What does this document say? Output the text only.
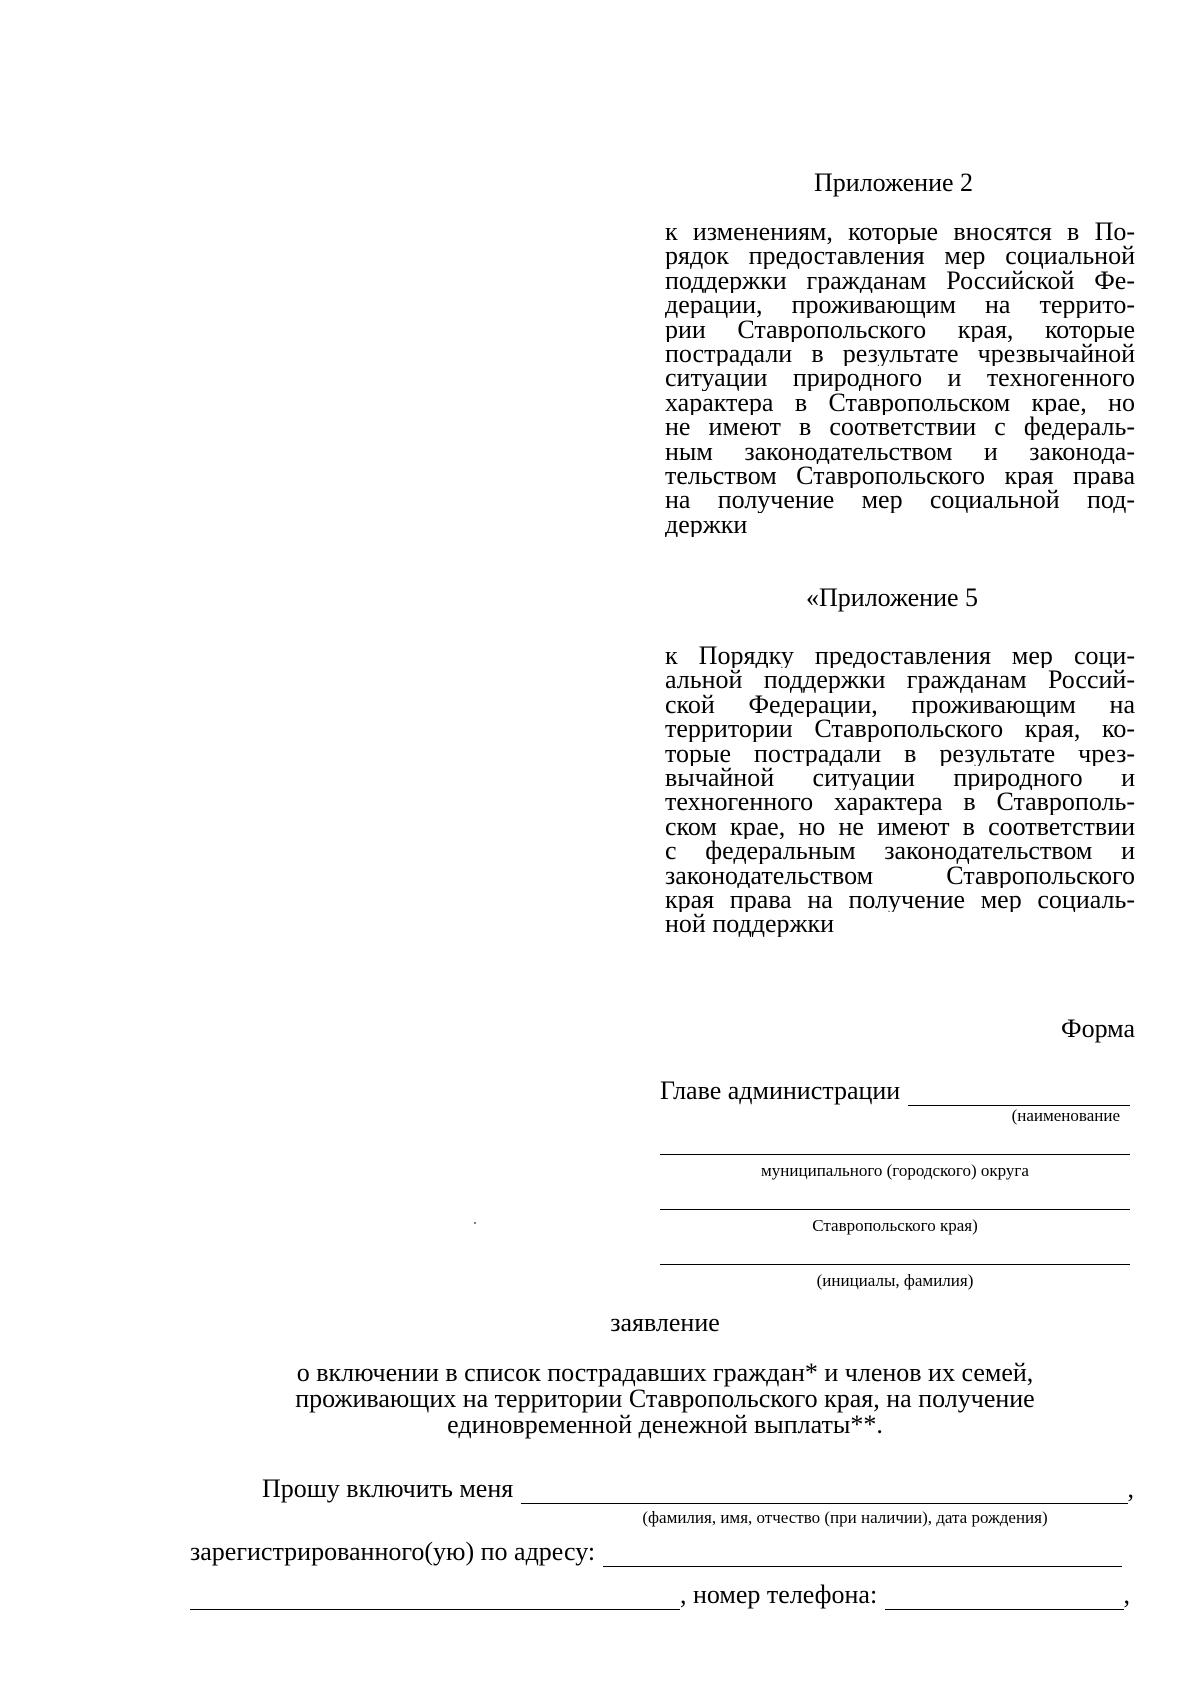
Приложение 2
к изменениям, которые вносятся в По-
рядок предоставления мер социальной
поддержки гражданам Российской Фе-
дерации, проживающим на террито-
рии Ставропольского края, которые
пострадали в результате чрезвычайной
ситуации природного и техногенного
характера в Ставропольском крае, но
не имеют в соответствии с федераль-
ным законодательством и законода-
тельством Ставропольского края права
на получение мер социальной под-
держки
«Приложение 5
к Порядку предоставления мер соци-
альной поддержки гражданам Россий-
ской Федерации, проживающим на
территории Ставропольского края, ко-
торые пострадали в результате чрез-
вычайной ситуации природного и
техногенного характера в Ставрополь-
ском крае, но не имеют в соответствии
с федеральным законодательством и
законодательством Ставропольского
края права на получение мер социаль-
ной поддержки
Форма
Главе администрации
(наименование
муниципального (городского) округа
Ставропольского края)
(инициалы, фамилия)
заявление
о включении в список пострадавших граждан* и членов их семей,
проживающих на территории Ставропольского края, на получение
единовременной денежной выплаты**.
Прошу включить меня	,
(фамилия, имя, отчество (при наличии), дата рождения)
зарегистрированного(ую) по адресу:
, номер телефона:	,
